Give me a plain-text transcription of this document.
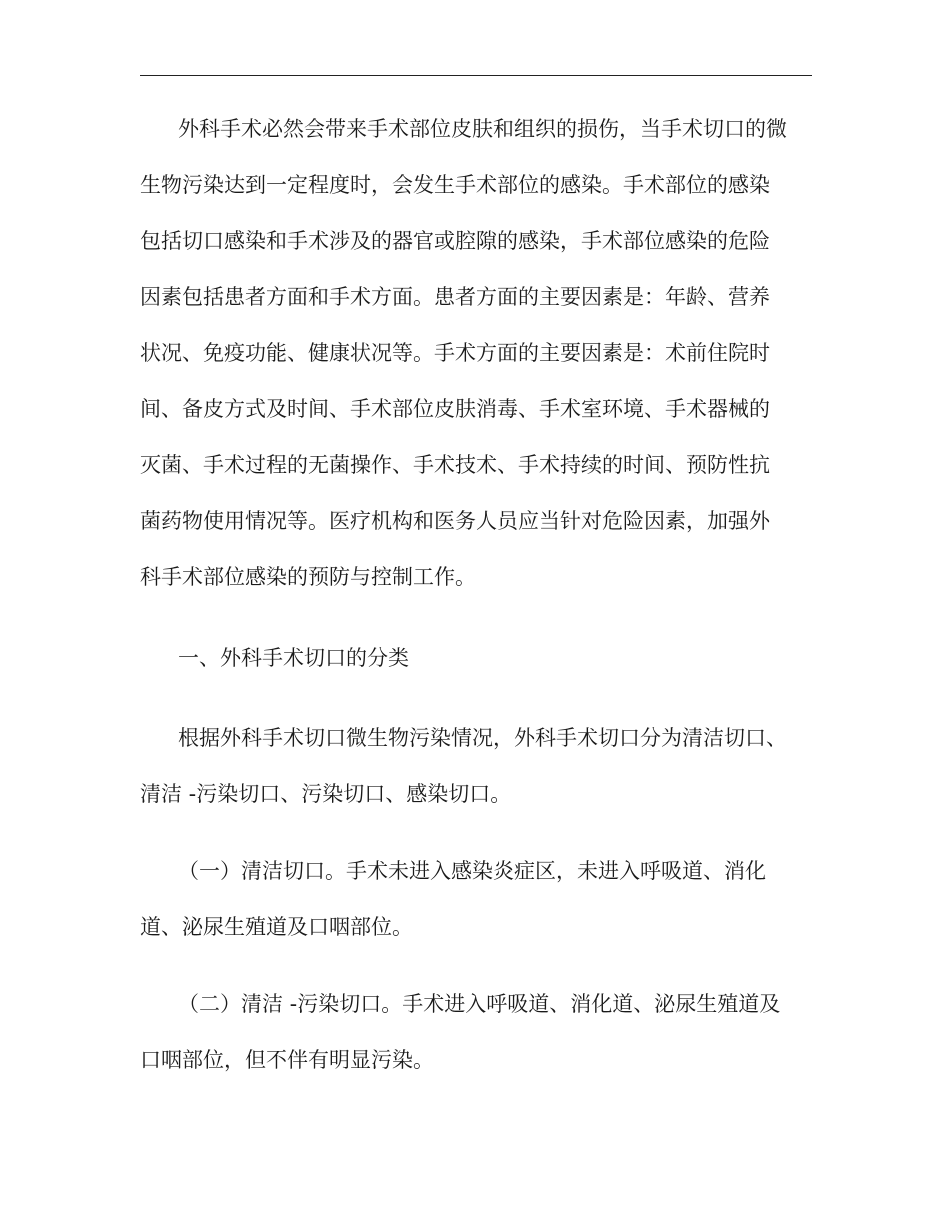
外科手术必然会带来手术部位皮肤和组织的损伤，当手术切口的微
生物污染达到一定程度时，会发生手术部位的感染。手术部位的感染
包括切口感染和手术涉及的器官或腔隙的感染，手术部位感染的危险
因素包括患者方面和手术方面。患者方面的主要因素是：年龄、营养
状况、免疫功能、健康状况等。手术方面的主要因素是：术前住院时
间、备皮方式及时间、手术部位皮肤消毒、手术室环境、手术器械的
灭菌、手术过程的无菌操作、手术技术、手术持续的时间、预防性抗
菌药物使用情况等。医疗机构和医务人员应当针对危险因素，加强外
科手术部位感染的预防与控制工作。
一、外科手术切口的分类
根据外科手术切口微生物污染情况，外科手术切口分为清洁切口、
清洁 -污染切口、污染切口、感染切口。
（一）清洁切口。手术未进入感染炎症区，未进入呼吸道、消化
道、泌尿生殖道及口咽部位。
（二）清洁 -污染切口。手术进入呼吸道、消化道、泌尿生殖道及
口咽部位，但不伴有明显污染。
